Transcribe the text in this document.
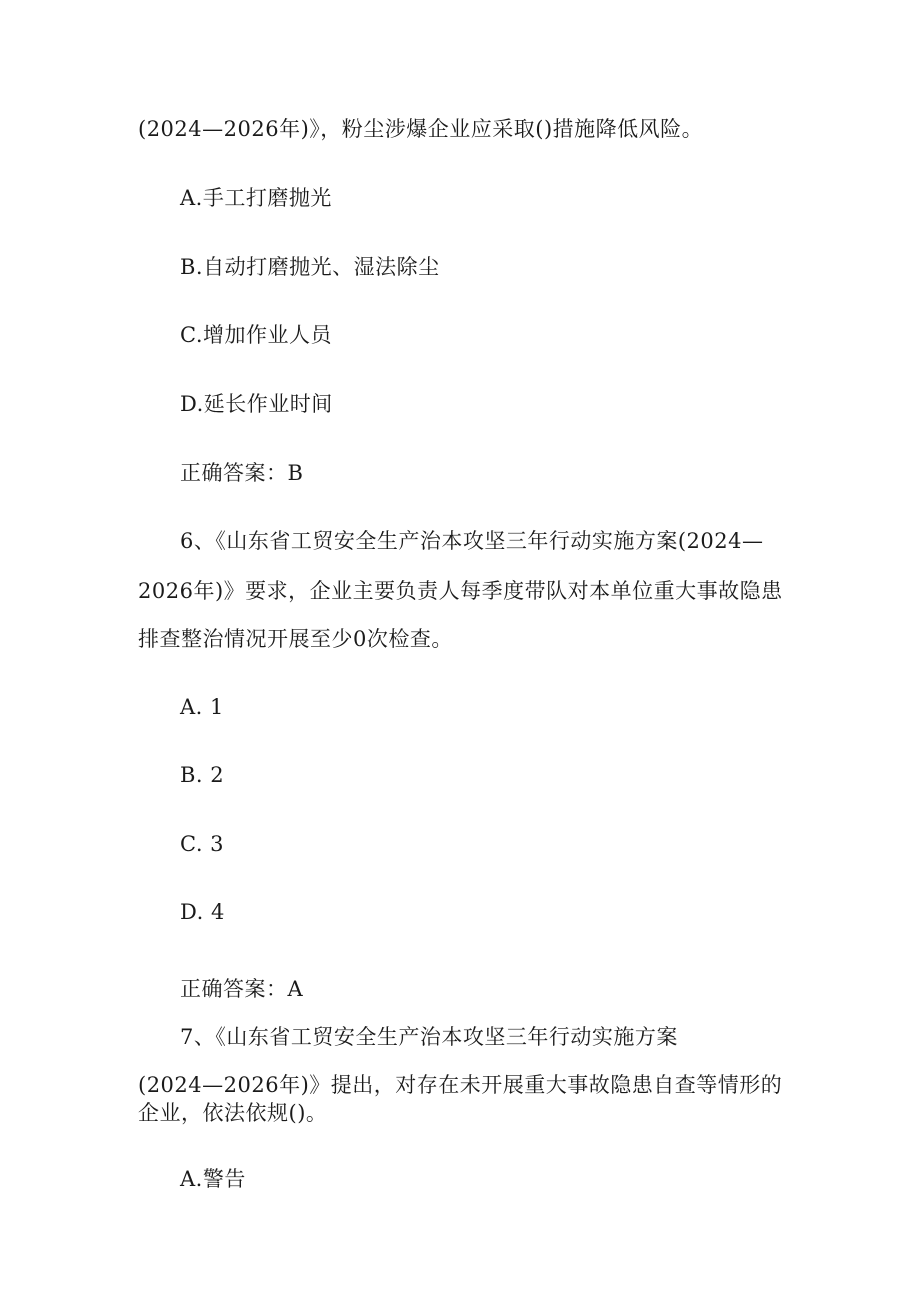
(2024—2026年)》，粉尘涉爆企业应采取()措施降低风险。
A.手工打磨抛光
B.自动打磨抛光、湿法除尘
C.增加作业人员
D.延长作业时间
正确答案：B
6、《山东省工贸安全生产治本攻坚三年行动实施方案(2024—
2026年)》要求，企业主要负责人每季度带队对本单位重大事故隐患
排查整治情况开展至少0次检查。
A. 1
B. 2
C. 3
D. 4
正确答案：A
7、《山东省工贸安全生产治本攻坚三年行动实施方案
(2024—2026年)》提出，对存在未开展重大事故隐患自查等情形的
企业，依法依规()。
A.警告
